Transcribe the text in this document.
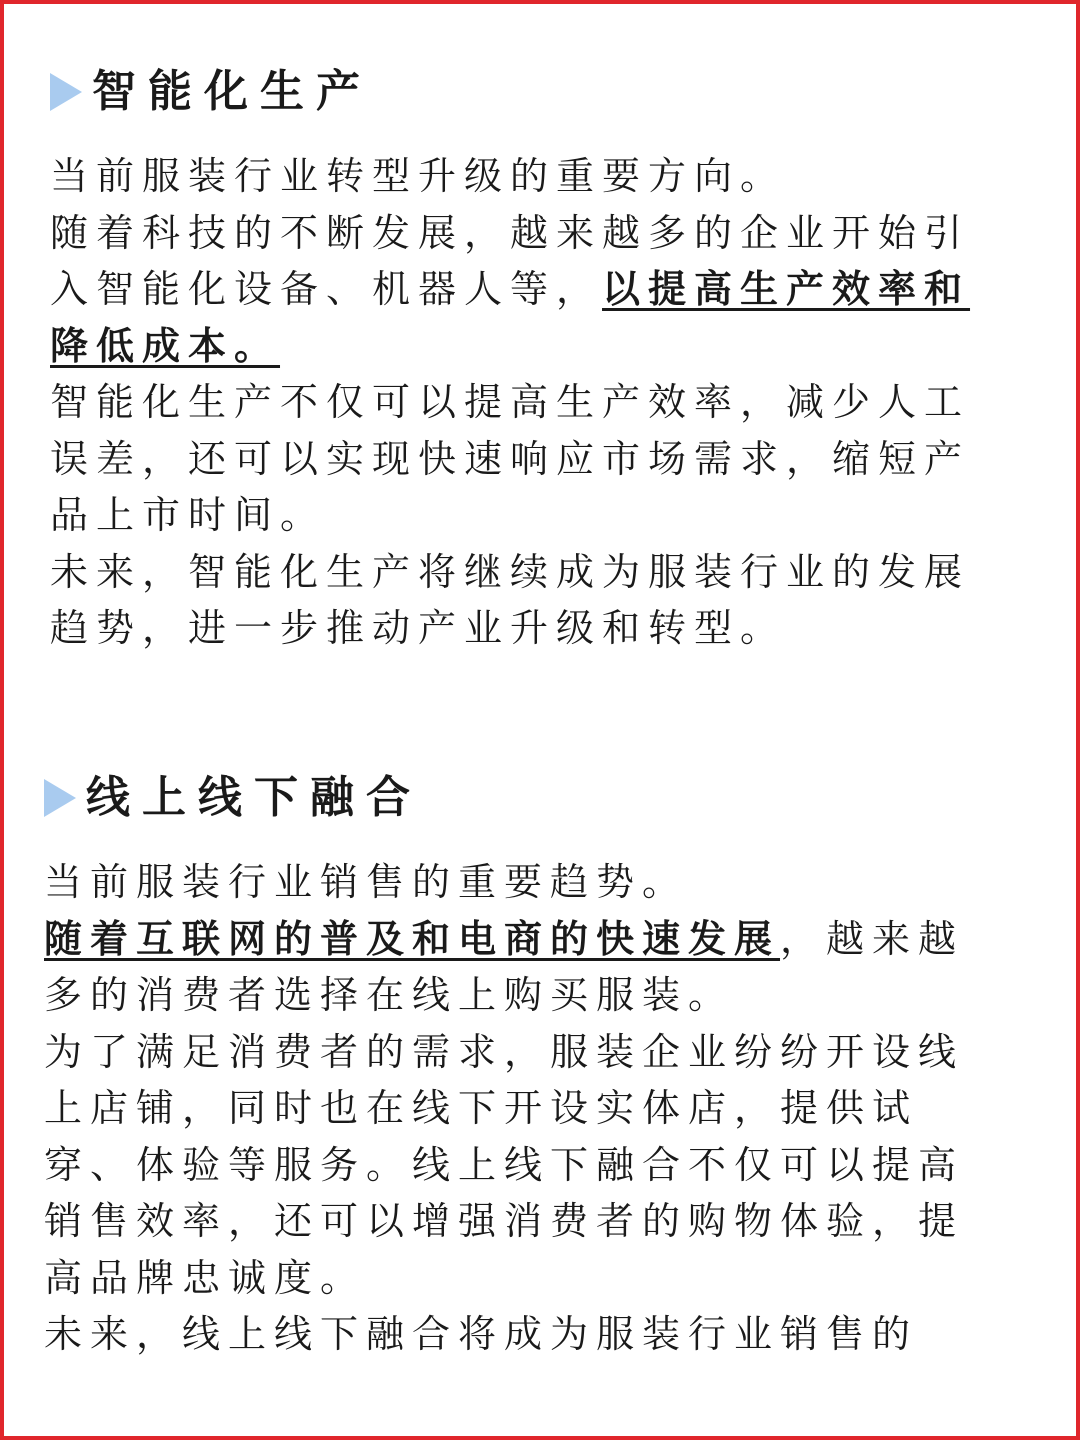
智能化生产

当前服装行业转型升级的重要方向。

随着科技的不断发展，越来越多的企业开始引入智能化设备、机器人等，以提高生产效率和降低成本。

智能化生产不仅可以提高生产效率，减少人工误差，还可以实现快速响应市场需求，缩短产品上市时间。

未来，智能化生产将继续成为服装行业的发展趋势，进一步推动产业升级和转型。

线上线下融合

当前服装行业销售的重要趋势。

随着互联网的普及和电商的快速发展，越来越多的消费者选择在线上购买服装。

为了满足消费者的需求，服装企业纷纷开设线上店铺，同时也在线下开设实体店，提供试穿、体验等服务。线上线下融合不仅可以提高销售效率，还可以增强消费者的购物体验，提高品牌忠诚度。

未来，线上线下融合将成为服装行业销售的
